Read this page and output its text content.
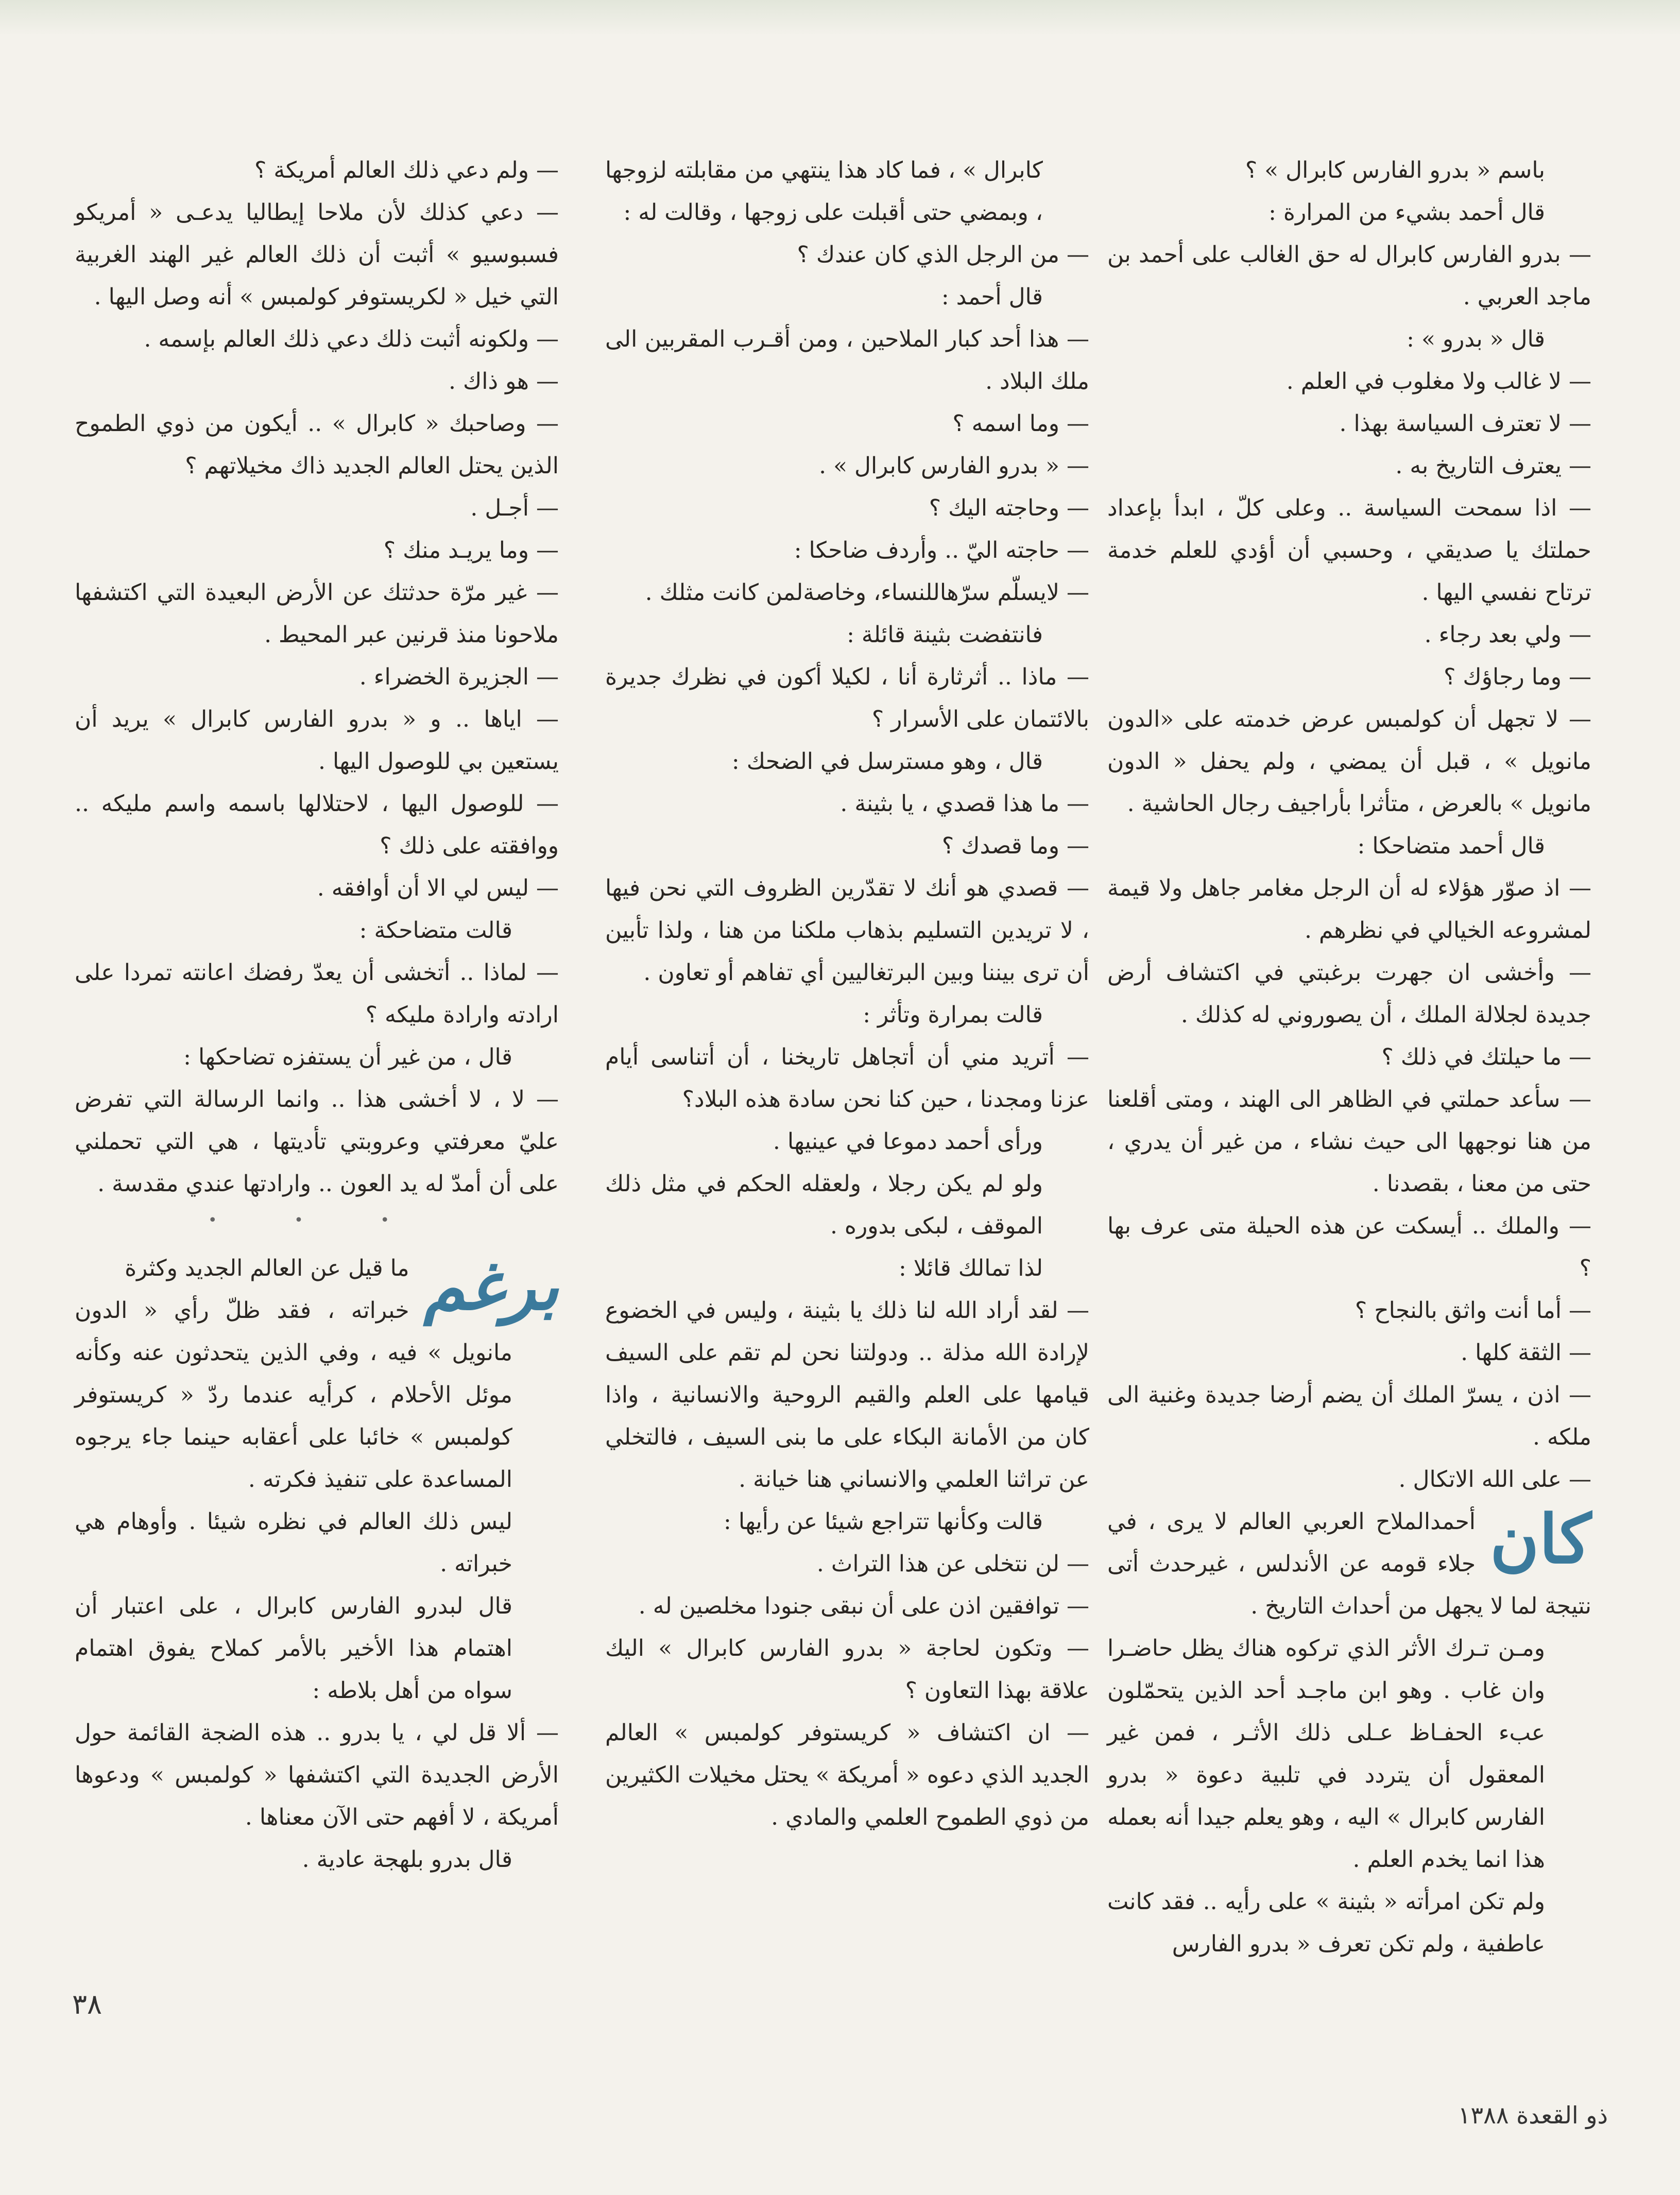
باسم « بدرو الفارس كابرال » ؟

قال أحمد بشيء من المرارة :

— بدرو الفارس كابرال له حق الغالب على أحمد بن ماجد العربي .

قال « بدرو » :

— لا غالب ولا مغلوب في العلم .

— لا تعترف السياسة بهذا .

— يعترف التاريخ به .

— اذا سمحت السياسة .. وعلى كلّ ، ابدأ بإعداد حملتك يا صديقي ، وحسبي أن أؤدي للعلم خدمة ترتاح نفسي اليها .

— ولي بعد رجاء .

— وما رجاؤك ؟

— لا تجهل أن كولمبس عرض خدمته على «الدون مانويل » ، قبل أن يمضي ، ولم يحفل « الدون مانويل » بالعرض ، متأثرا بأراجيف رجال الحاشية .

قال أحمد متضاحكا :

— اذ صوّر هؤلاء له أن الرجل مغامر جاهل ولا قيمة لمشروعه الخيالي في نظرهم .

— وأخشى ان جهرت برغبتي في اكتشاف أرض جديدة لجلالة الملك ، أن يصوروني له كذلك .

— ما حيلتك في ذلك ؟

— سأعد حملتي في الظاهر الى الهند ، ومتى أقلعنا من هنا نوجهها الى حيث نشاء ، من غير أن يدري ، حتى من معنا ، بقصدنا .

— والملك .. أيسكت عن هذه الحيلة متى عرف بها ؟

— أما أنت واثق بالنجاح ؟

— الثقة كلها .

— اذن ، يسرّ الملك أن يضم أرضا جديدة وغنية الى ملكه .

— على الله الاتكال .

كان
أحمدالملاح العربي العالم لا يرى ، في جلاء قومه عن الأندلس ، غيرحدث أتى نتيجة لما لا يجهل من أحداث التاريخ .

ومـن تـرك الأثر الذي تركوه هناك يظل حاضـرا وان غاب . وهو ابن ماجـد أحد الذين يتحمّلون عبء الحفـاظ عـلى ذلك الأثـر ، فمن غير المعقول أن يتردد في تلبية دعوة « بدرو الفارس كابرال » اليه ، وهو يعلم جيدا أنه بعمله هذا انما يخدم العلم .

ولم تكن امرأته « بثينة » على رأيه .. فقد كانت عاطفية ، ولم تكن تعرف « بدرو الفارس

كابرال » ، فما كاد هذا ينتهي من مقابلته لزوجها ، وبمضي حتى أقبلت على زوجها ، وقالت له :

— من الرجل الذي كان عندك ؟

قال أحمد :

— هذا أحد كبار الملاحين ، ومن أقـرب المقربين الى ملك البلاد .

— وما اسمه ؟

— « بدرو الفارس كابرال » .

— وحاجته اليك ؟

— حاجته اليّ .. وأردف ضاحكا :

— لايسلّم سرّهاللنساء، وخاصةلمن كانت مثلك .

فانتفضت بثينة قائلة :

— ماذا .. أثرثارة أنا ، لكيلا أكون في نظرك جديرة بالائتمان على الأسرار ؟

قال ، وهو مسترسل في الضحك :

— ما هذا قصدي ، يا بثينة .

— وما قصدك ؟

— قصدي هو أنك لا تقدّرين الظروف التي نحن فيها ، لا تريدين التسليم بذهاب ملكنا من هنا ، ولذا تأبين أن ترى بيننا وبين البرتغاليين أي تفاهم أو تعاون .

قالت بمرارة وتأثر :

— أتريد مني أن أتجاهل تاريخنا ، أن أتناسى أيام عزنا ومجدنا ، حين كنا نحن سادة هذه البلاد؟

ورأى أحمد دموعا في عينيها .

ولو لم يكن رجلا ، ولعقله الحكم في مثل ذلك الموقف ، لبكى بدوره .

لذا تمالك قائلا :

— لقد أراد الله لنا ذلك يا بثينة ، وليس في الخضوع لإرادة الله مذلة .. ودولتنا نحن لم تقم على السيف قيامها على العلم والقيم الروحية والانسانية ، واذا كان من الأمانة البكاء على ما بنى السيف ، فالتخلي عن تراثنا العلمي والانساني هنا خيانة .

قالت وكأنها تتراجع شيئا عن رأيها :

— لن نتخلى عن هذا التراث .

— توافقين اذن على أن نبقى جنودا مخلصين له .

— وتكون لحاجة « بدرو الفارس كابرال » اليك علاقة بهذا التعاون ؟

— ان اكتشاف « كريستوفر كولمبس » العالم الجديد الذي دعوه « أمريكة » يحتل مخيلات الكثيرين من ذوي الطموح العلمي والمادي .

— ولم دعي ذلك العالم أمريكة ؟

— دعي كذلك لأن ملاحا إيطاليا يدعـى « أمريكو فسبوسيو » أثبت أن ذلك العالم غير الهند الغربية التي خيل « لكريستوفر كولمبس » أنه وصل اليها .

— ولكونه أثبت ذلك دعي ذلك العالم بإسمه .

— هو ذاك .

— وصاحبك « كابرال » .. أيكون من ذوي الطموح الذين يحتل العالم الجديد ذاك مخيلاتهم ؟

— أجـل .

— وما يريـد منك ؟

— غير مرّة حدثتك عن الأرض البعيدة التي اكتشفها ملاحونا منذ قرنين عبر المحيط .

— الجزيرة الخضراء .

— اياها .. و « بدرو الفارس كابرال » يريد أن يستعين بي للوصول اليها .

— للوصول اليها ، لاحتلالها باسمه واسم مليكه .. ووافقته على ذلك ؟

— ليس لي الا أن أوافقه .

قالت متضاحكة :

— لماذا .. أتخشى أن يعدّ رفضك اعانته تمردا على ارادته وارادة مليكه ؟

قال ، من غير أن يستفزه تضاحكها :

— لا ، لا أخشى هذا .. وانما الرسالة التي تفرض عليّ معرفتي وعروبتي تأديتها ، هي التي تحملني على أن أمدّ له يد العون .. وارادتها عندي مقدسة .

• • •

برغم
ما قيل عن العالم الجديد وكثرة

خبراته ، فقد ظلّ رأي « الدون مانويل » فيه ، وفي الذين يتحدثون عنه وكأنه موئل الأحلام ، كرأيه عندما ردّ « كريستوفر كولمبس » خائبا على أعقابه حينما جاء يرجوه المساعدة على تنفيذ فكرته .

ليس ذلك العالم في نظره شيئا . وأوهام هي خبراته .

قال لبدرو الفارس كابرال ، على اعتبار أن اهتمام هذا الأخير بالأمر كملاح يفوق اهتمام سواه من أهل بلاطه :

— ألا قل لي ، يا بدرو .. هذه الضجة القائمة حول الأرض الجديدة التي اكتشفها « كولمبس » ودعوها أمريكة ، لا أفهم حتى الآن معناها .

قال بدرو بلهجة عادية .

٣٨
ذو القعدة ١٣٨٨
